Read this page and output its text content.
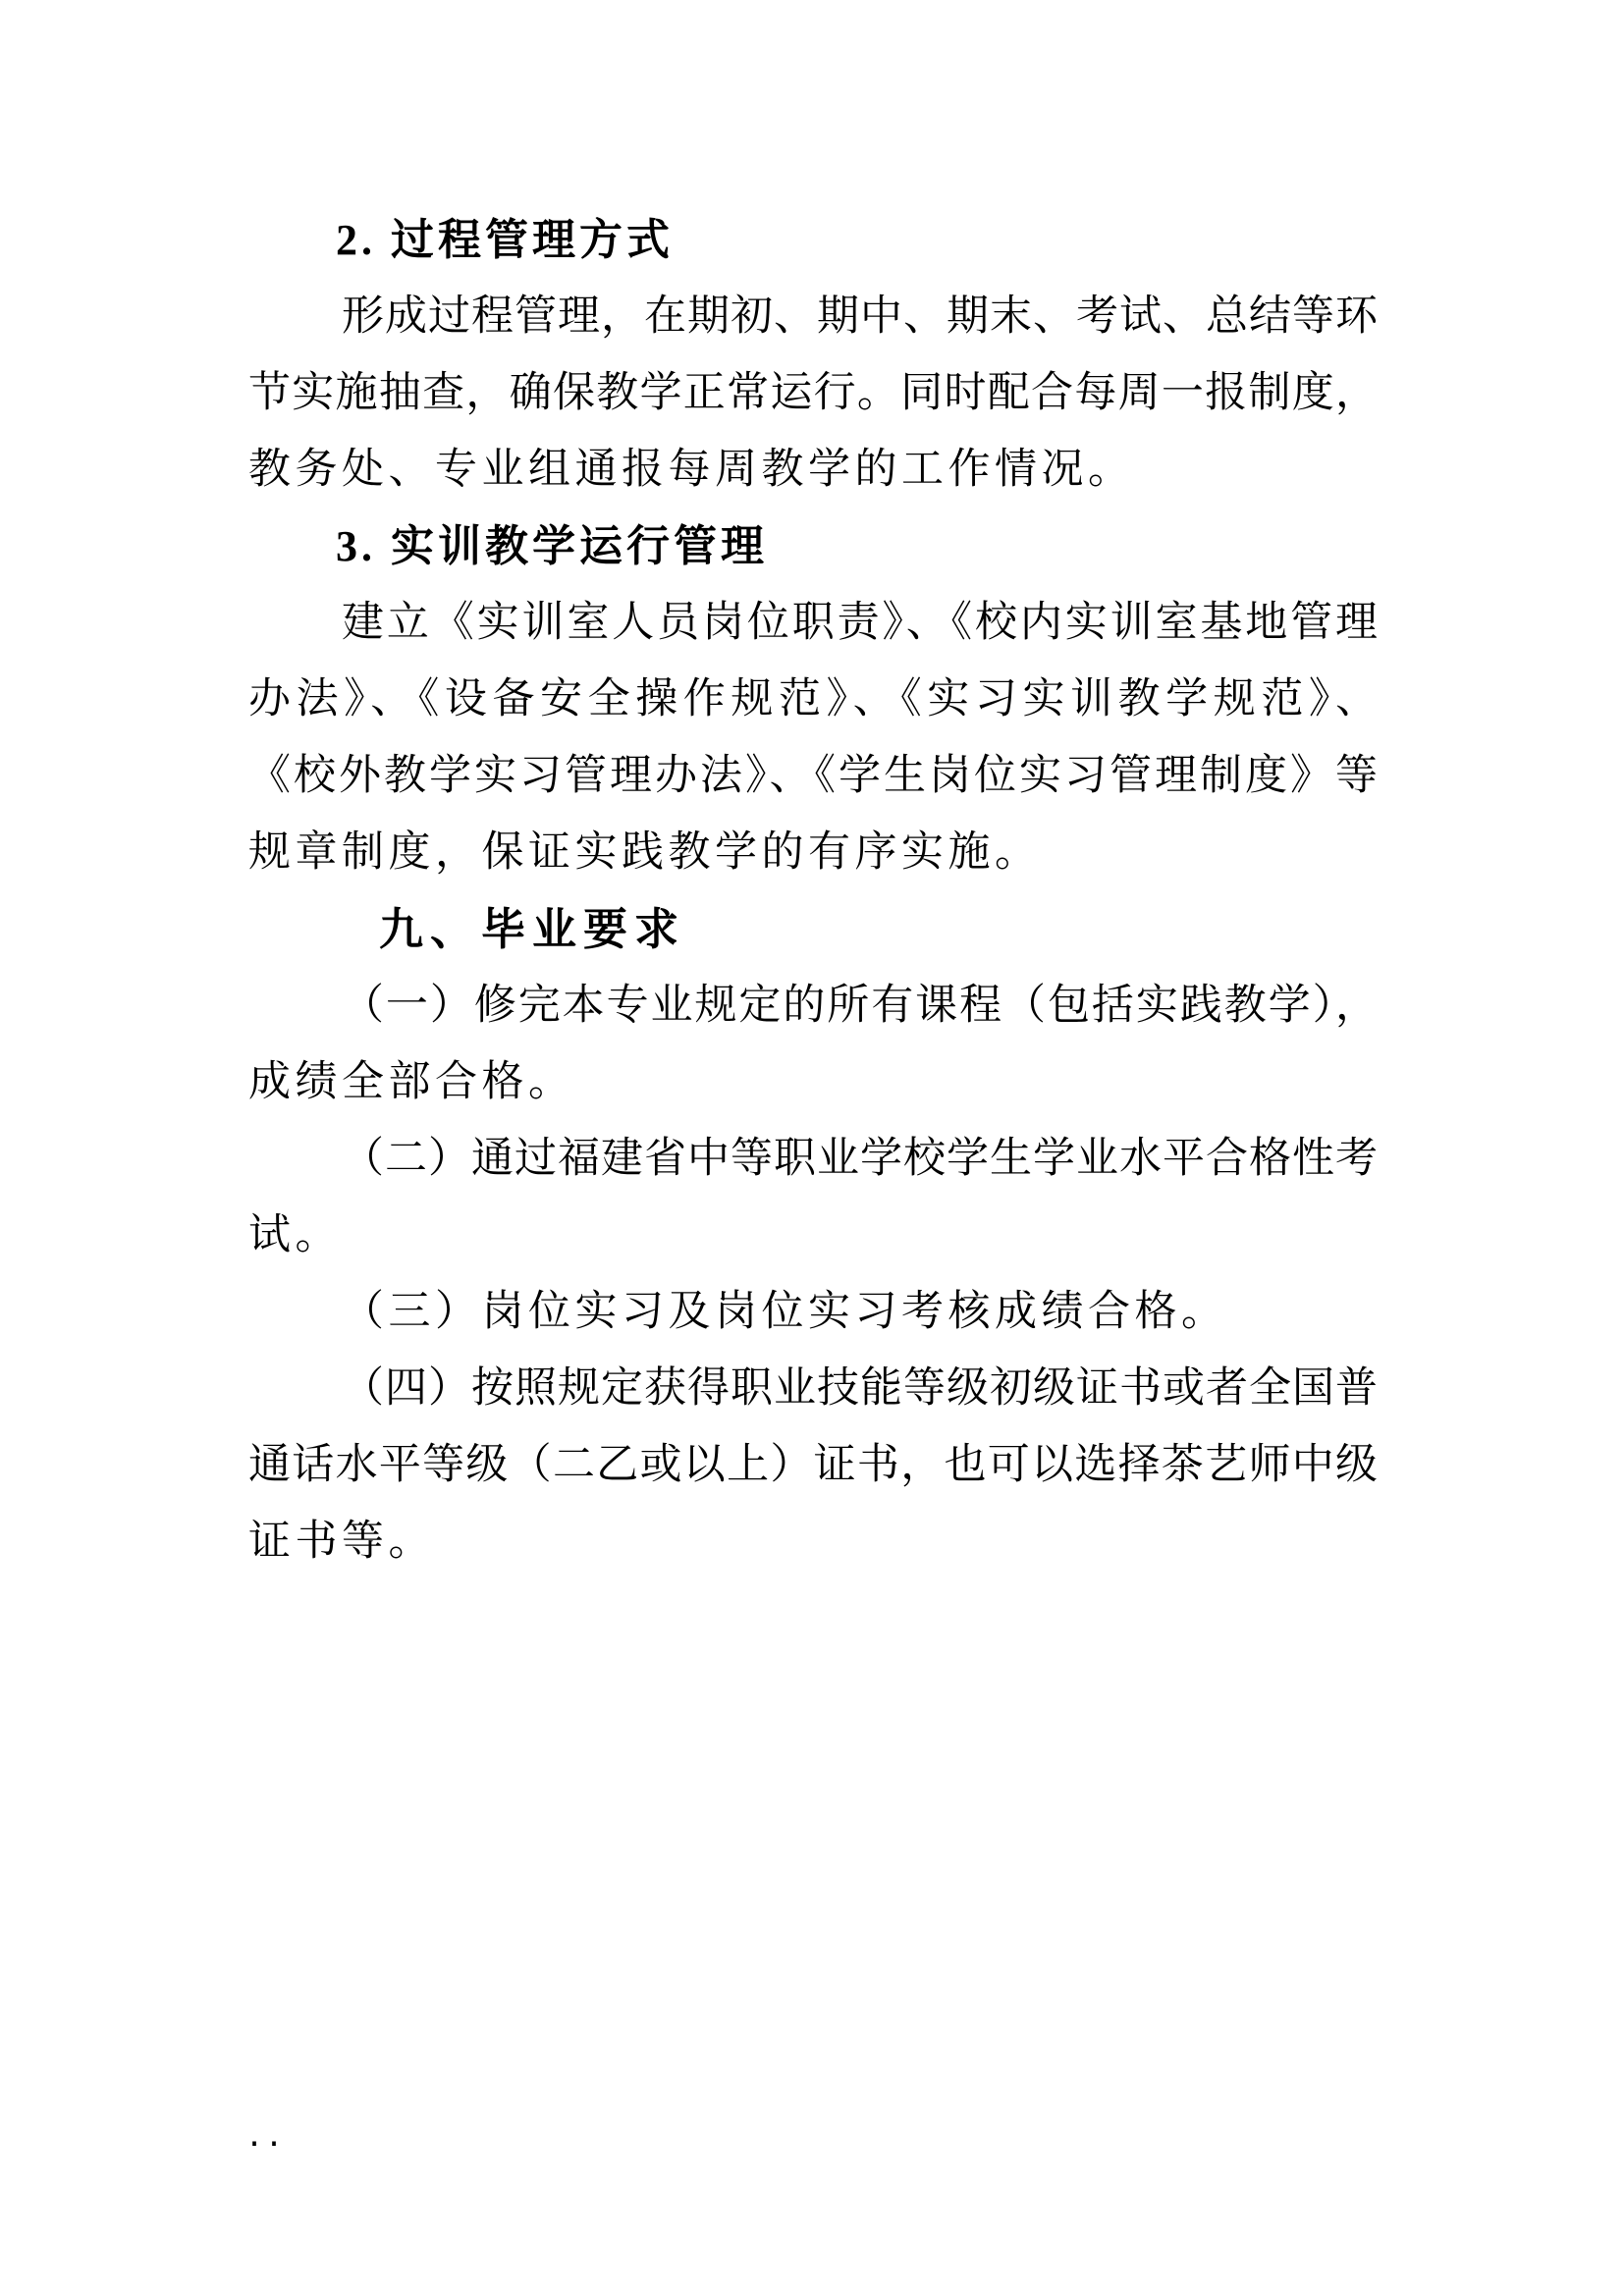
2. 过程管理方式
形成过程管理，在期初、期中、期末、考试、总结等环
节实施抽查，确保教学正常运行。同时配合每周一报制度，
教务处、专业组通报每周教学的工作情况。
3. 实训教学运行管理
建立《实训室人员岗位职责》、《校内实训室基地管理
办法》、《设备安全操作规范》、《实习实训教学规范》、
《校外教学实习管理办法》、《学生岗位实习管理制度》等
规章制度，保证实践教学的有序实施。
九、毕业要求
（一）修完本专业规定的所有课程（包括实践教学），
成绩全部合格。
（二）通过福建省中等职业学校学生学业水平合格性考
试。
（三）岗位实习及岗位实习考核成绩合格。
（四）按照规定获得职业技能等级初级证书或者全国普
通话水平等级（二乙或以上）证书，也可以选择茶艺师中级
证书等。
..
